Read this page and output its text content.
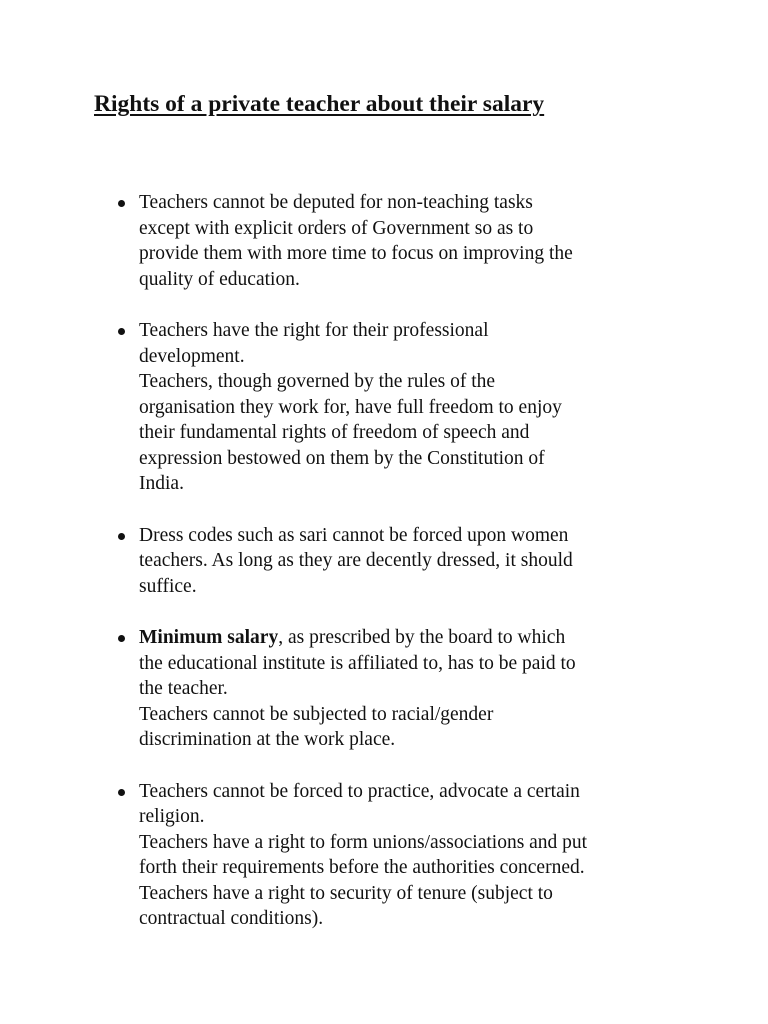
Rights of a private teacher about their salary
Teachers cannot be deputed for non-teaching tasks
except with explicit orders of Government so as to
provide them with more time to focus on improving the
quality of education.
Teachers have the right for their professional
development.
Teachers, though governed by the rules of the
organisation they work for, have full freedom to enjoy
their fundamental rights of freedom of speech and
expression bestowed on them by the Constitution of
India.
Dress codes such as sari cannot be forced upon women
teachers. As long as they are decently dressed, it should
suffice.
Minimum salary, as prescribed by the board to which
the educational institute is affiliated to, has to be paid to
the teacher.
Teachers cannot be subjected to racial/gender
discrimination at the work place.
Teachers cannot be forced to practice, advocate a certain
religion.
Teachers have a right to form unions/associations and put
forth their requirements before the authorities concerned.
Teachers have a right to security of tenure (subject to
contractual conditions).
